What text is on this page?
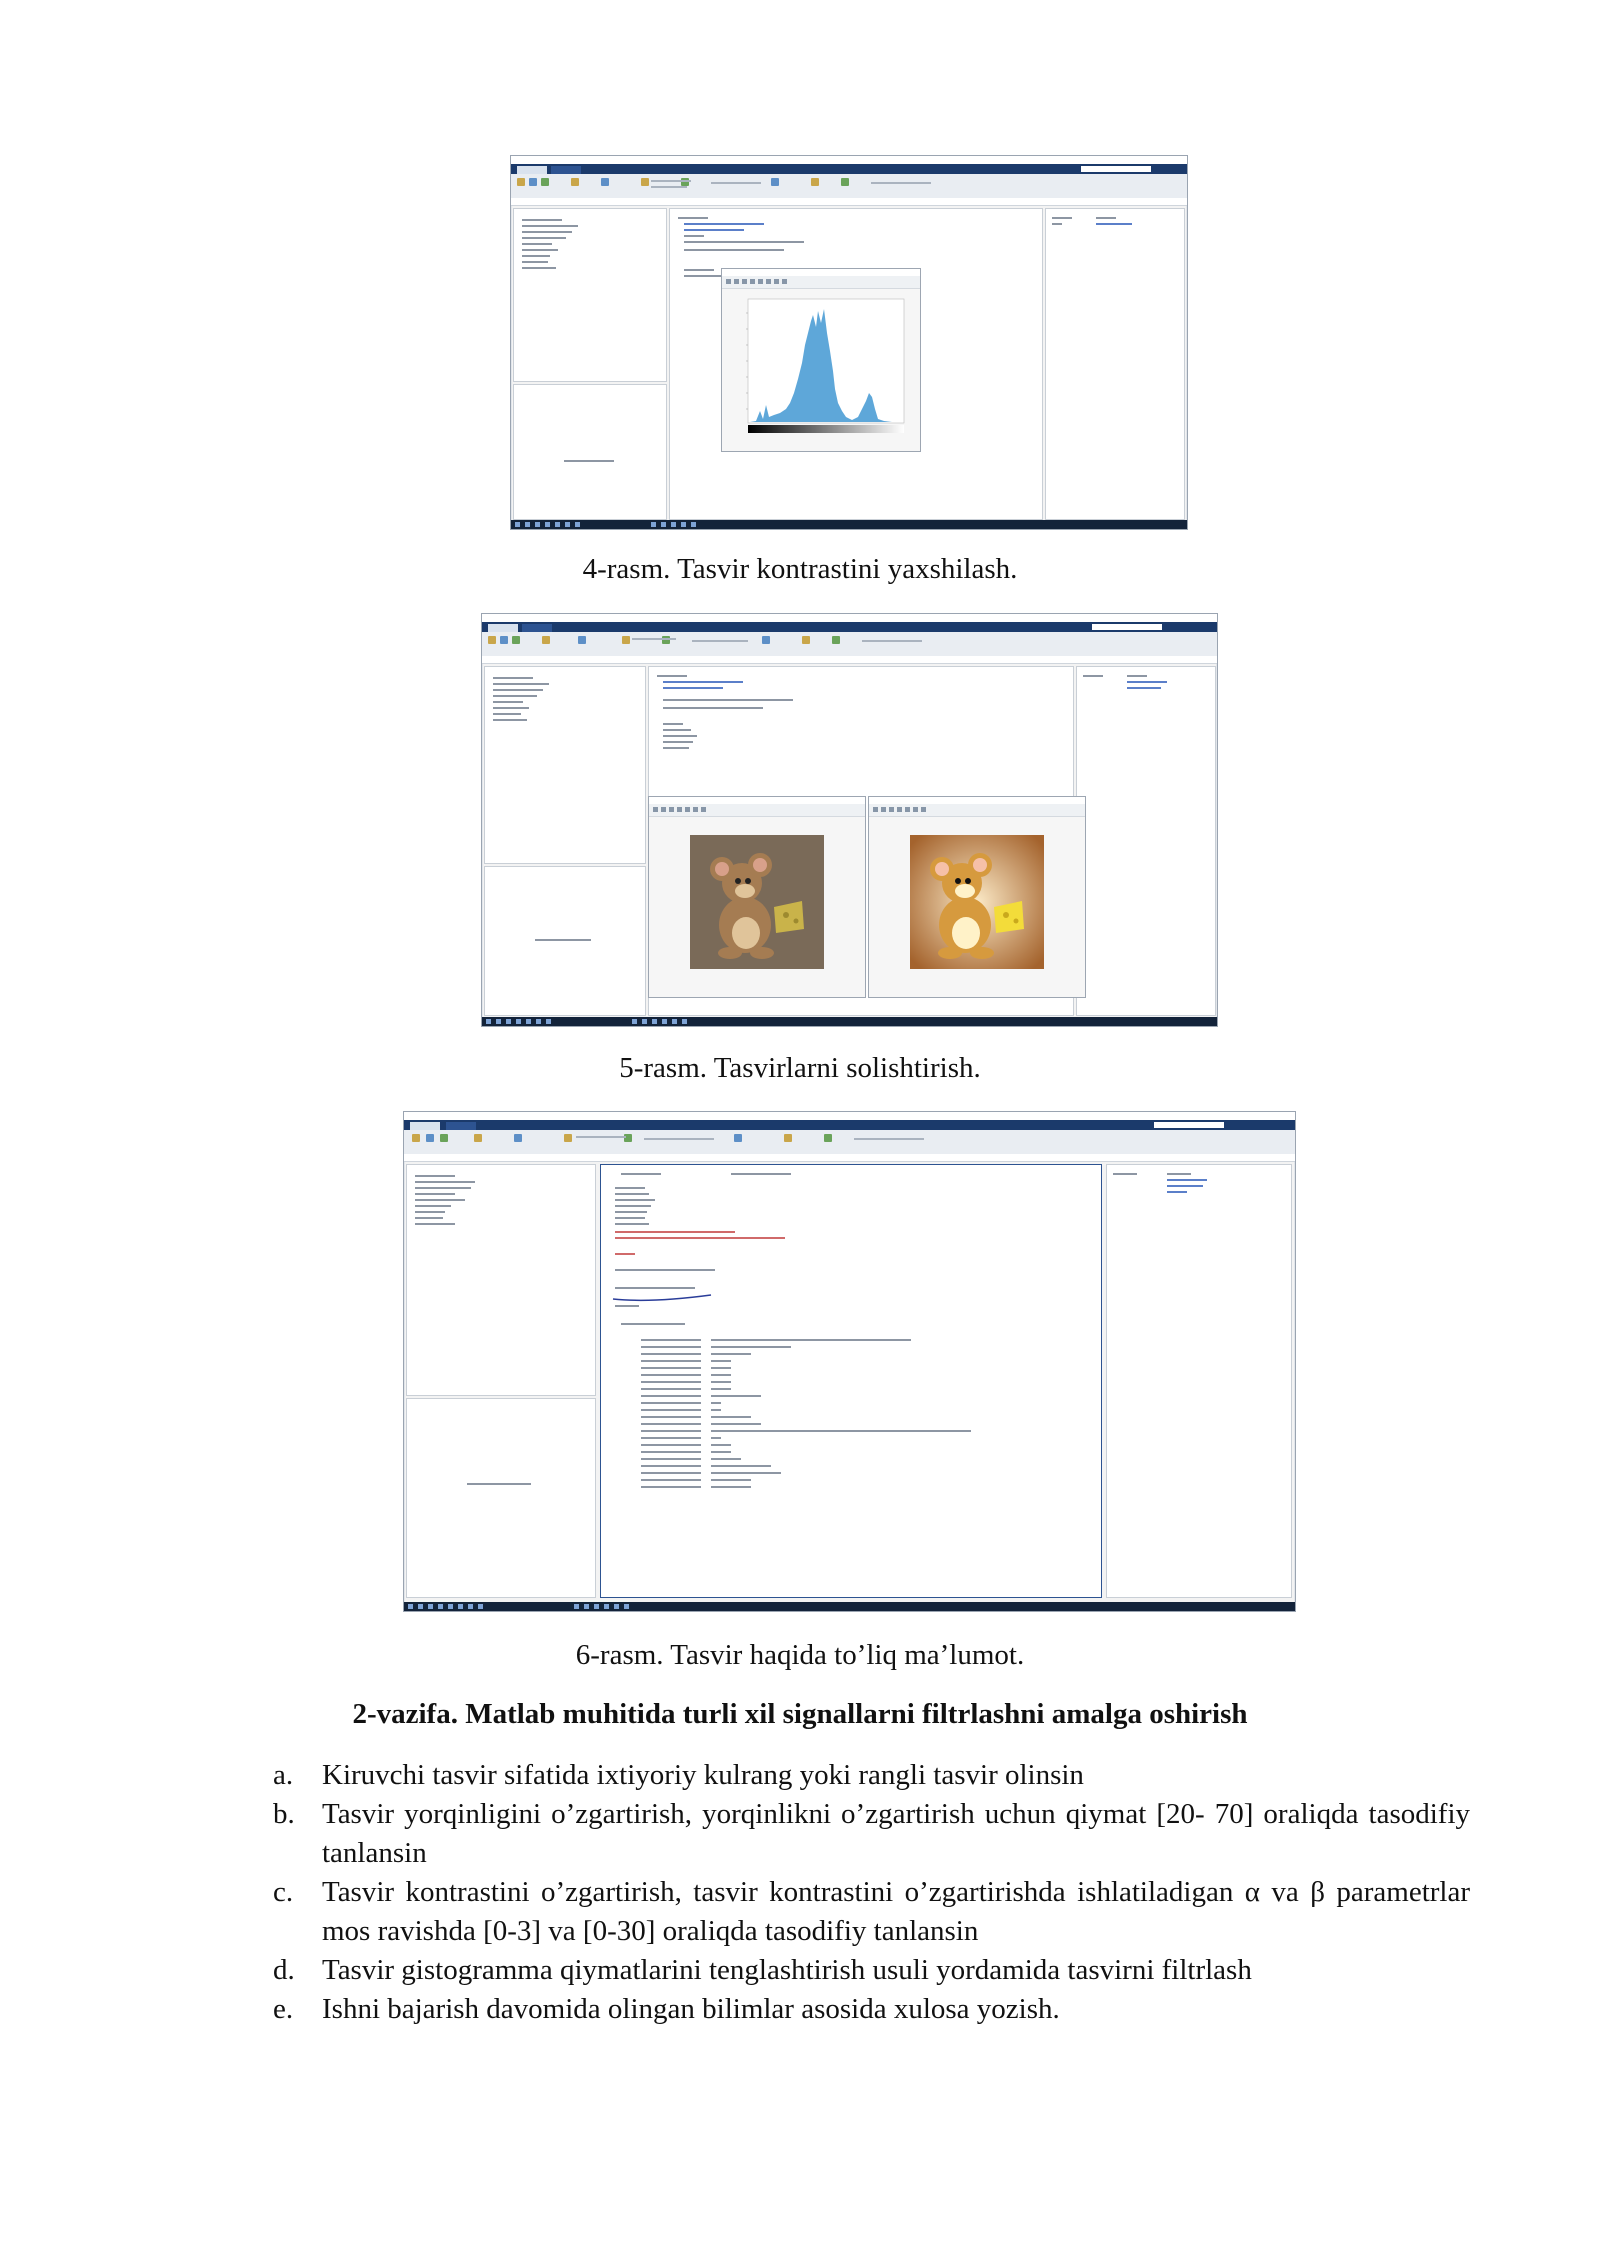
4-rasm. Tasvir kontrastini yaxshilash.
5-rasm. Tasvirlarni solishtirish.
6-rasm. Tasvir haqida to’liq ma’lumot.
2-vazifa. Matlab muhitida turli xil signallarni filtrlashni amalga oshirish
a. Kiruvchi tasvir sifatida ixtiyoriy kulrang yoki rangli tasvir olinsin
b. Tasvir yorqinligini o’zgartirish, yorqinlikni o’zgartirish uchun qiymat [20- 70] oraliqda tasodifiy tanlansin
c. Tasvir kontrastini o’zgartirish, tasvir kontrastini o’zgartirishda ishlatiladigan α va β parametrlar mos ravishda [0-3] va [0-30] oraliqda tasodifiy tanlansin
d. Tasvir gistogramma qiymatlarini tenglashtirish usuli yordamida tasvirni filtrlash
e. Ishni bajarish davomida olingan bilimlar asosida xulosa yozish.
